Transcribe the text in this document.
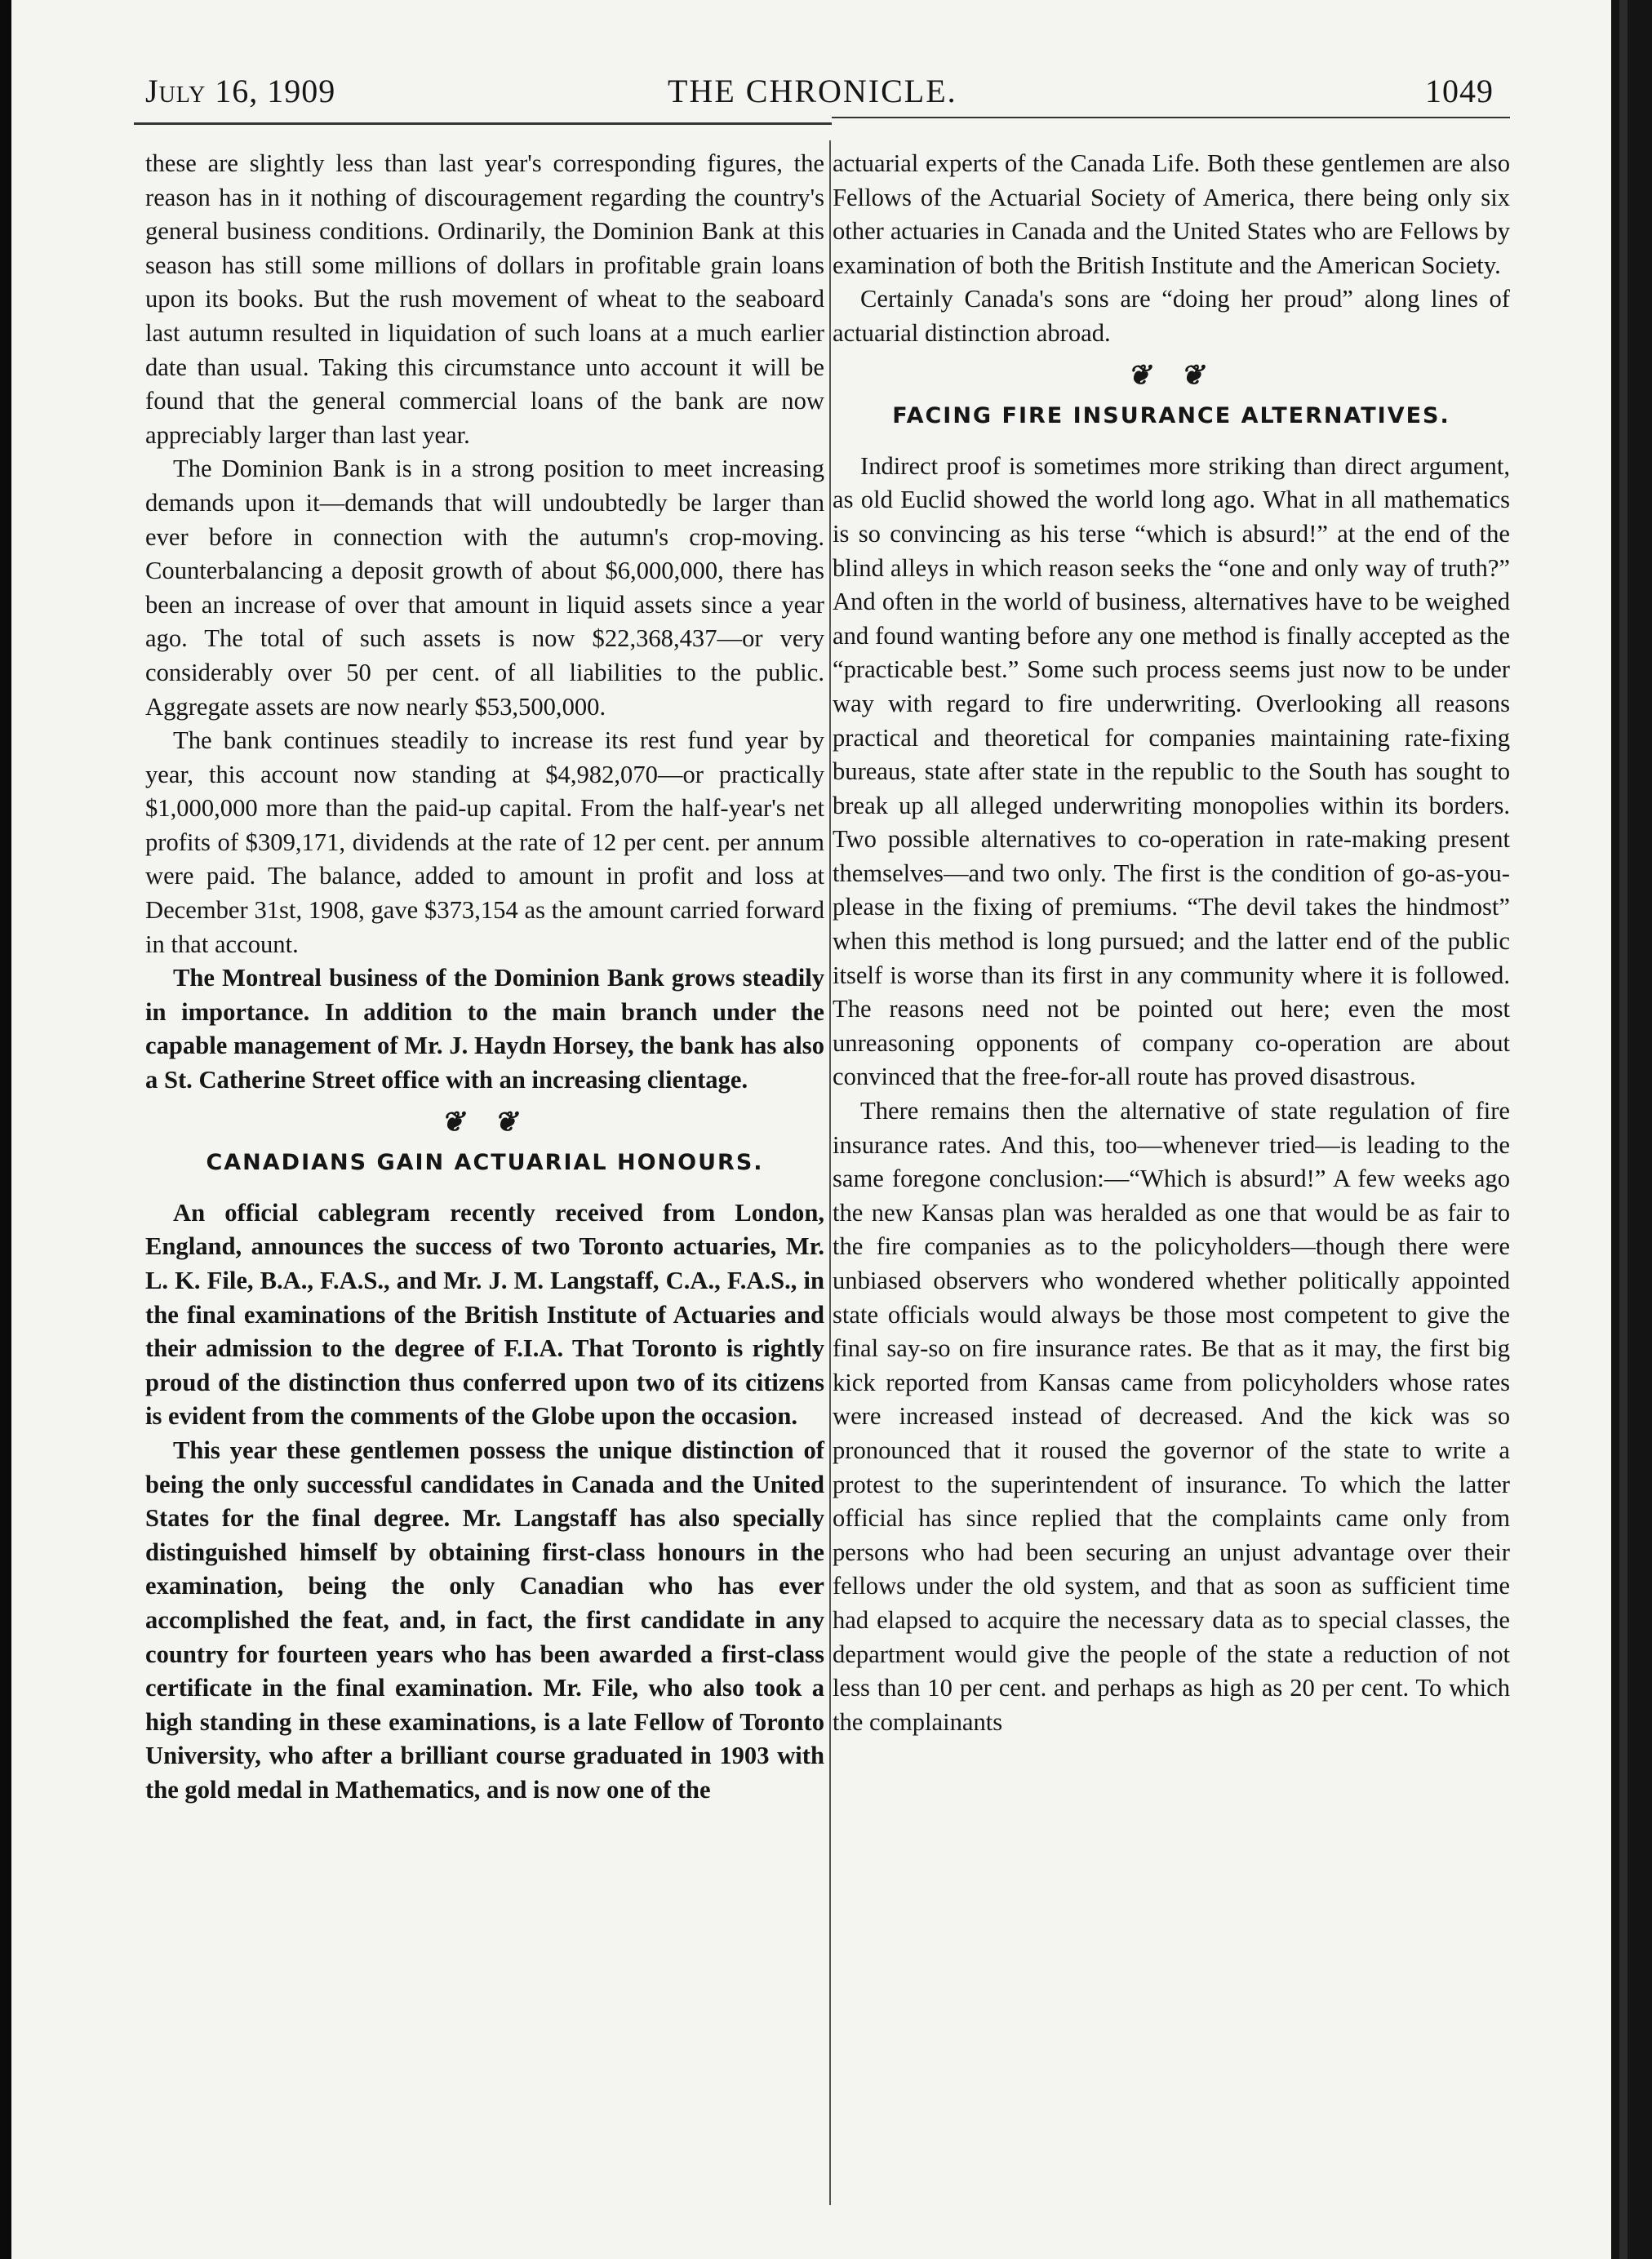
July 16, 1909	THE CHRONICLE.	1049

these are slightly less than last year's corresponding figures, the reason has in it nothing of discouragement regarding the country's general business conditions. Ordinarily, the Dominion Bank at this season has still some millions of dollars in profitable grain loans upon its books. But the rush movement of wheat to the seaboard last autumn resulted in liquidation of such loans at a much earlier date than usual. Taking this circumstance unto account it will be found that the general commercial loans of the bank are now appreciably larger than last year.

The Dominion Bank is in a strong position to meet increasing demands upon it—demands that will undoubtedly be larger than ever before in connection with the autumn's crop-moving. Counterbalancing a deposit growth of about $6,000,000, there has been an increase of over that amount in liquid assets since a year ago. The total of such assets is now $22,368,437—or very considerably over 50 per cent. of all liabilities to the public. Aggregate assets are now nearly $53,500,000.

The bank continues steadily to increase its rest fund year by year, this account now standing at $4,982,070—or practically $1,000,000 more than the paid-up capital. From the half-year's net profits of $309,171, dividends at the rate of 12 per cent. per annum were paid. The balance, added to amount in profit and loss at December 31st, 1908, gave $373,154 as the amount carried forward in that account.

The Montreal business of the Dominion Bank grows steadily in importance. In addition to the main branch under the capable management of Mr. J. Haydn Horsey, the bank has also a St. Catherine Street office with an increasing clientage.

❦ ❦
CANADIANS GAIN ACTUARIAL HONOURS.

An official cablegram recently received from London, England, announces the success of two Toronto actuaries, Mr. L. K. File, B.A., F.A.S., and Mr. J. M. Langstaff, C.A., F.A.S., in the final examinations of the British Institute of Actuaries and their admission to the degree of F.I.A. That Toronto is rightly proud of the distinction thus conferred upon two of its citizens is evident from the comments of the Globe upon the occasion.

This year these gentlemen possess the unique distinction of being the only successful candidates in Canada and the United States for the final degree. Mr. Langstaff has also specially distinguished himself by obtaining first-class honours in the examination, being the only Canadian who has ever accomplished the feat, and, in fact, the first candidate in any country for fourteen years who has been awarded a first-class certificate in the final examination. Mr. File, who also took a high standing in these examinations, is a late Fellow of Toronto University, who after a brilliant course graduated in 1903 with the gold medal in Mathematics, and is now one of the

actuarial experts of the Canada Life. Both these gentlemen are also Fellows of the Actuarial Society of America, there being only six other actuaries in Canada and the United States who are Fellows by examination of both the British Institute and the American Society.

Certainly Canada's sons are “doing her proud” along lines of actuarial distinction abroad.

❦ ❦
FACING FIRE INSURANCE ALTERNATIVES.

Indirect proof is sometimes more striking than direct argument, as old Euclid showed the world long ago. What in all mathematics is so convincing as his terse “which is absurd!” at the end of the blind alleys in which reason seeks the “one and only way of truth?” And often in the world of business, alternatives have to be weighed and found wanting before any one method is finally accepted as the “practicable best.” Some such process seems just now to be under way with regard to fire underwriting. Overlooking all reasons practical and theoretical for companies maintaining rate-fixing bureaus, state after state in the republic to the South has sought to break up all alleged underwriting monopolies within its borders. Two possible alternatives to co-operation in rate-making present themselves—and two only. The first is the condition of go-as-you-please in the fixing of premiums. “The devil takes the hindmost” when this method is long pursued; and the latter end of the public itself is worse than its first in any community where it is followed. The reasons need not be pointed out here; even the most unreasoning opponents of company co-operation are about convinced that the free-for-all route has proved disastrous.

There remains then the alternative of state regulation of fire insurance rates. And this, too—whenever tried—is leading to the same foregone conclusion:—“Which is absurd!” A few weeks ago the new Kansas plan was heralded as one that would be as fair to the fire companies as to the policyholders—though there were unbiased observers who wondered whether politically appointed state officials would always be those most competent to give the final say-so on fire insurance rates. Be that as it may, the first big kick reported from Kansas came from policyholders whose rates were increased instead of decreased. And the kick was so pronounced that it roused the governor of the state to write a protest to the superintendent of insurance. To which the latter official has since replied that the complaints came only from persons who had been securing an unjust advantage over their fellows under the old system, and that as soon as sufficient time had elapsed to acquire the necessary data as to special classes, the department would give the people of the state a reduction of not less than 10 per cent. and perhaps as high as 20 per cent. To which the complainants
